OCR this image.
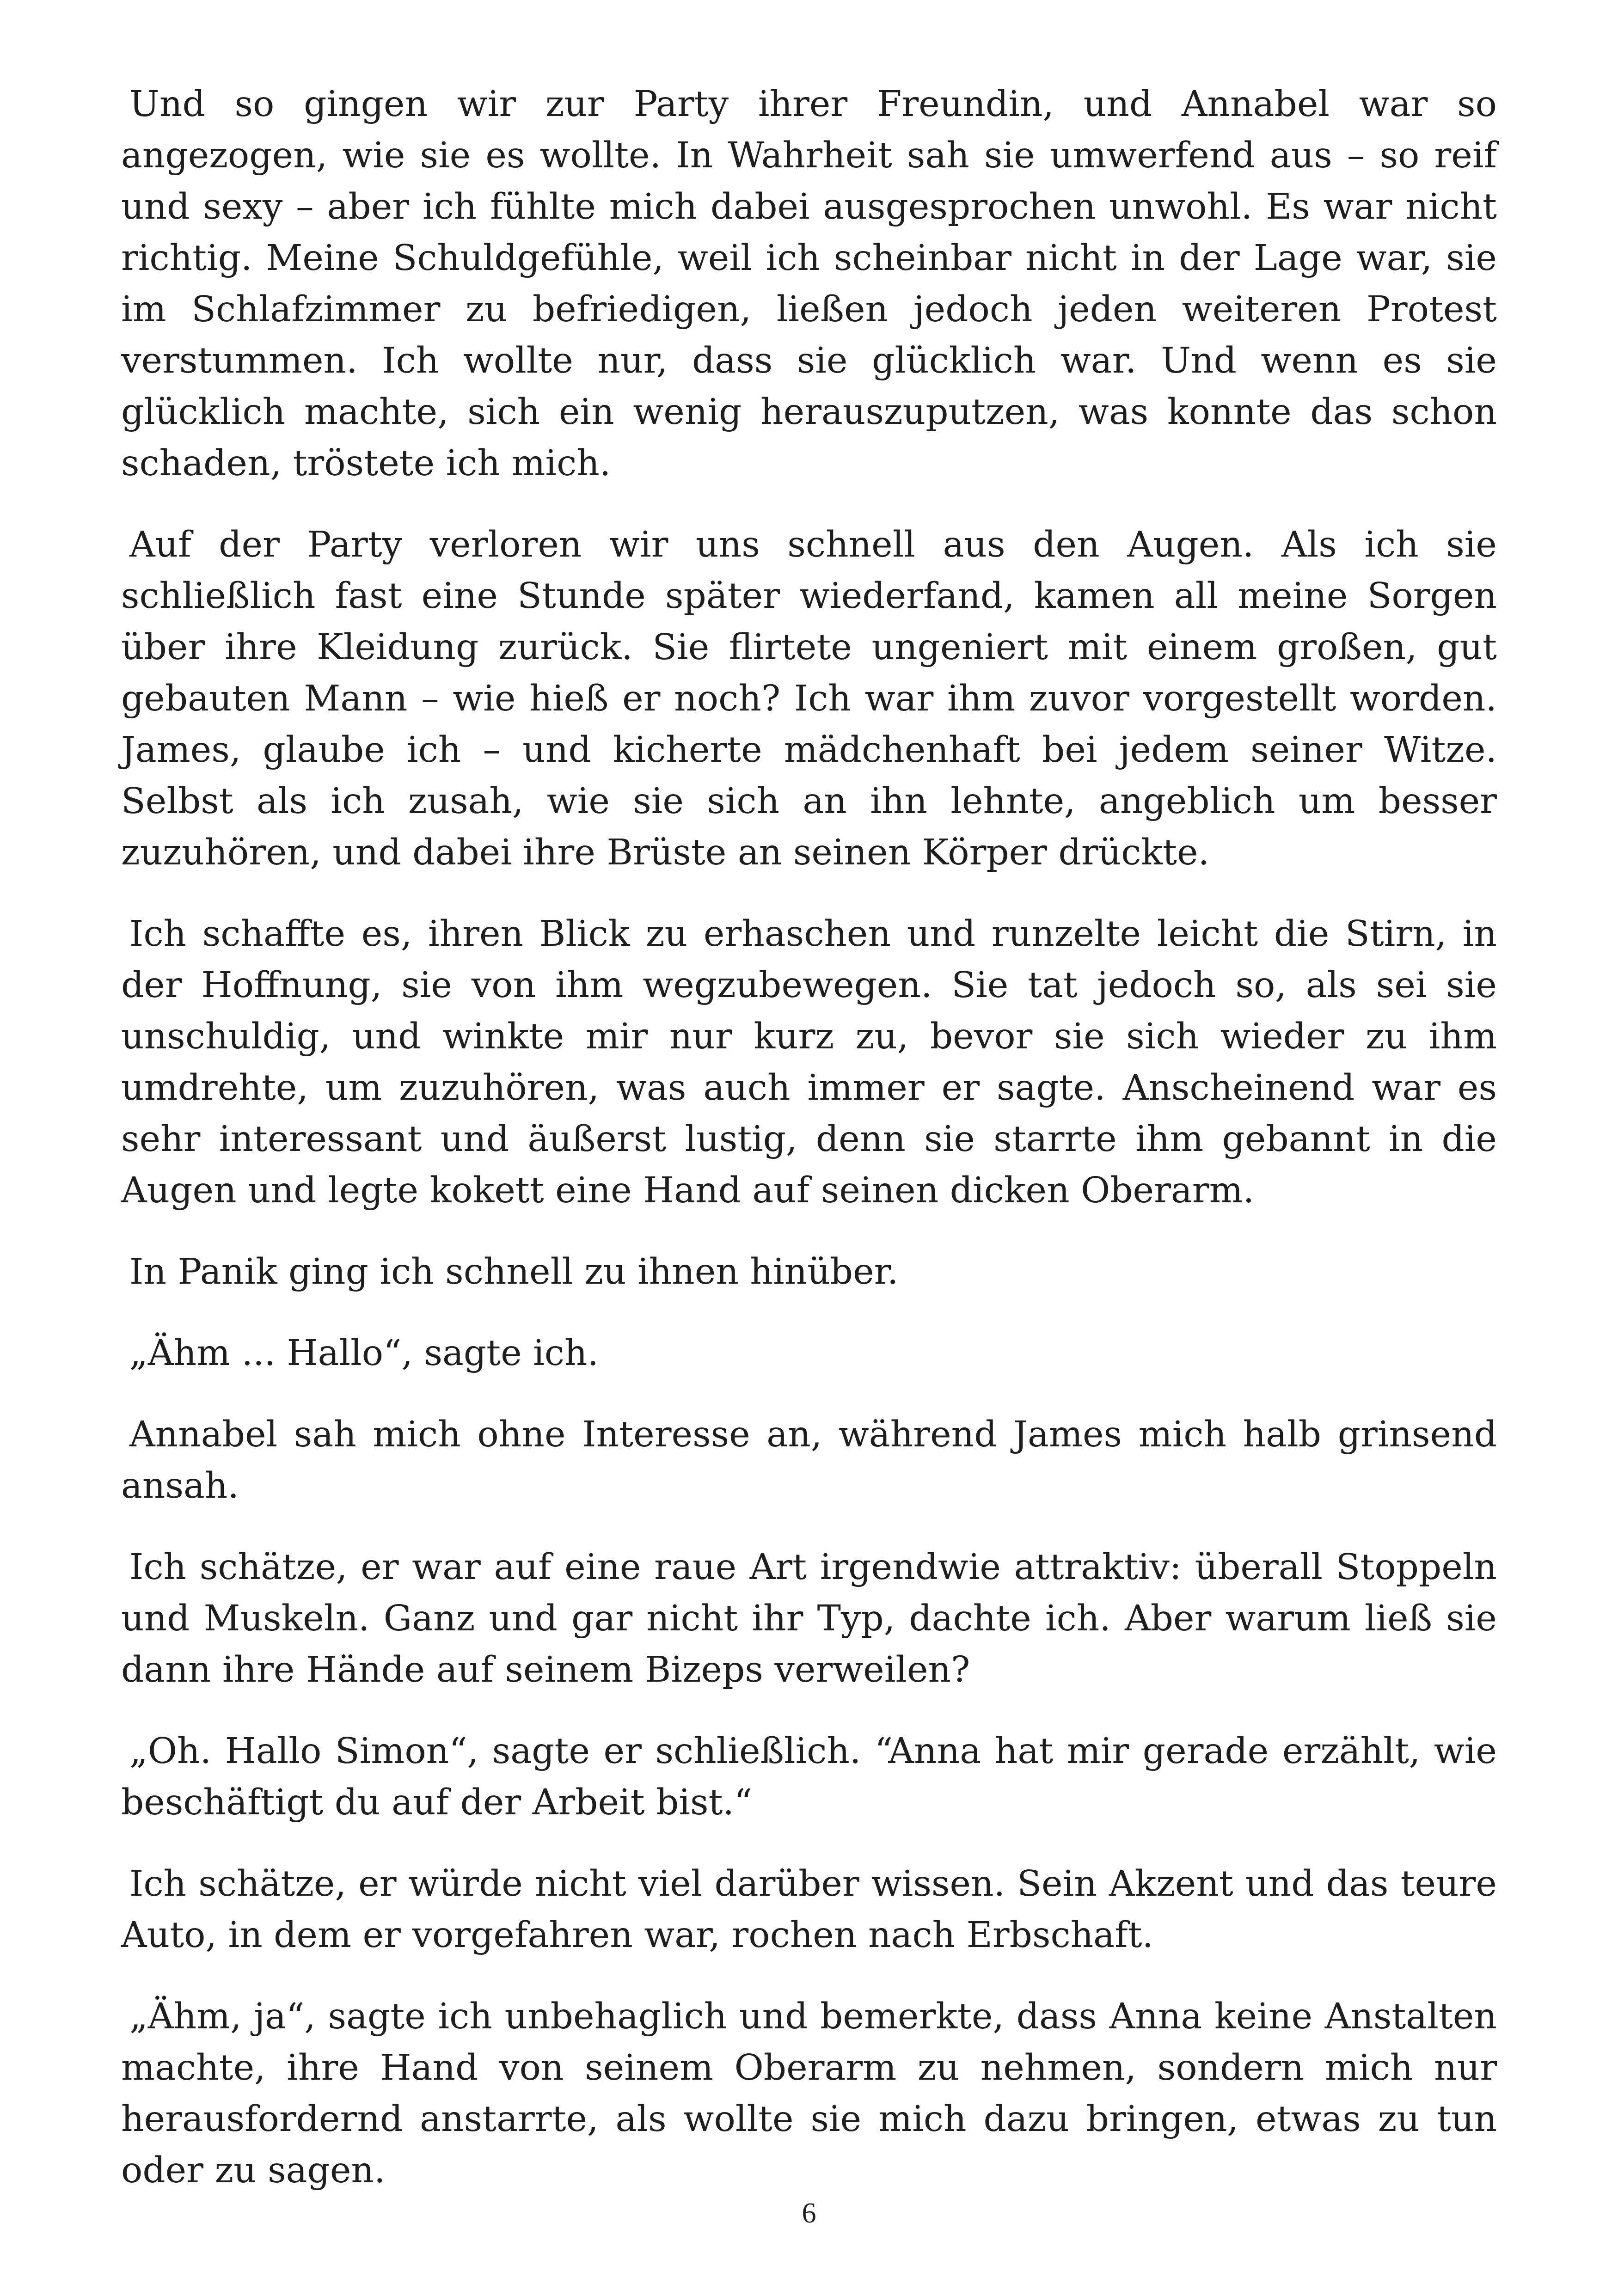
Und so gingen wir zur Party ihrer Freundin, und Annabel war so angezogen, wie sie es wollte. In Wahrheit sah sie umwerfend aus – so reif und sexy – aber ich fühlte mich dabei ausgesprochen unwohl. Es war nicht richtig. Meine Schuldgefühle, weil ich scheinbar nicht in der Lage war, sie im Schlafzimmer zu befriedigen, ließen jedoch jeden weiteren Protest verstummen. Ich wollte nur, dass sie glücklich war. Und wenn es sie glücklich machte, sich ein wenig herauszuputzen, was konnte das schon schaden, tröstete ich mich.

Auf der Party verloren wir uns schnell aus den Augen. Als ich sie schließlich fast eine Stunde später wiederfand, kamen all meine Sorgen über ihre Kleidung zurück. Sie flirtete ungeniert mit einem großen, gut gebauten Mann – wie hieß er noch? Ich war ihm zuvor vorgestellt worden. James, glaube ich – und kicherte mädchenhaft bei jedem seiner Witze. Selbst als ich zusah, wie sie sich an ihn lehnte, angeblich um besser zuzuhören, und dabei ihre Brüste an seinen Körper drückte.

Ich schaffte es, ihren Blick zu erhaschen und runzelte leicht die Stirn, in der Hoffnung, sie von ihm wegzubewegen. Sie tat jedoch so, als sei sie unschuldig, und winkte mir nur kurz zu, bevor sie sich wieder zu ihm umdrehte, um zuzuhören, was auch immer er sagte. Anscheinend war es sehr interessant und äußerst lustig, denn sie starrte ihm gebannt in die Augen und legte kokett eine Hand auf seinen dicken Oberarm.

In Panik ging ich schnell zu ihnen hinüber.

„Ähm ... Hallo“, sagte ich.

Annabel sah mich ohne Interesse an, während James mich halb grinsend ansah.

Ich schätze, er war auf eine raue Art irgendwie attraktiv: überall Stoppeln und Muskeln. Ganz und gar nicht ihr Typ, dachte ich. Aber warum ließ sie dann ihre Hände auf seinem Bizeps verweilen?

„Oh. Hallo Simon“, sagte er schließlich. “Anna hat mir gerade erzählt, wie beschäftigt du auf der Arbeit bist.“

Ich schätze, er würde nicht viel darüber wissen. Sein Akzent und das teure Auto, in dem er vorgefahren war, rochen nach Erbschaft.

„Ähm, ja“, sagte ich unbehaglich und bemerkte, dass Anna keine Anstalten machte, ihre Hand von seinem Oberarm zu nehmen, sondern mich nur herausfordernd anstarrte, als wollte sie mich dazu bringen, etwas zu tun oder zu sagen.

6
